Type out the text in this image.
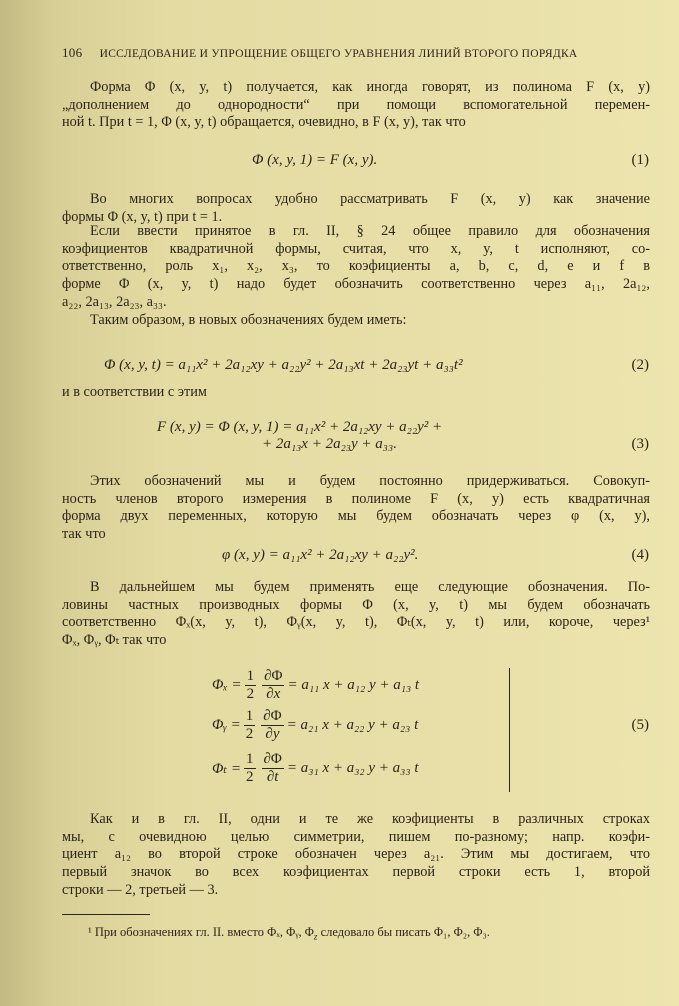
106 ИССЛЕДОВАНИЕ И УПРОЩЕНИЕ ОБЩЕГО УРАВНЕНИЯ ЛИНИЙ ВТОРОГО ПОРЯДКА
Форма Φ (x, y, t) получается, как иногда говорят, из полинома F (x, y)
„дополнением до однородности“ при помощи вспомогательной перемен-
ной t. При t = 1, Φ (x, y, t) обращается, очевидно, в F (x, y), так что
Φ (x, y, 1) = F (x, y).	(1)
Во многих вопросах удобно рассматривать F (x, y) как значение
формы Φ (x, y, t) при t = 1.
Если ввести принятое в гл. II, § 24 общее правило для обозначения
коэфициентов квадратичной формы, считая, что x, y, t исполняют, со-
ответственно, роль x₁, x₂, x₃, то коэфициенты a, b, c, d, e и f в
форме Φ (x, y, t) надо будет обозначить соответственно через a₁₁, 2a₁₂,
a₂₂, 2a₁₃, 2a₂₃, a₃₃.
Таким образом, в новых обозначениях будем иметь:
Φ (x, y, t) = a₁₁x² + 2a₁₂xy + a₂₂y² + 2a₁₃xt + 2a₂₃yt + a₃₃t²	(2)
и в соответствии с этим
F (x, y) = Φ (x, y, 1) = a₁₁x² + 2a₁₂xy + a₂₂y² +
+ 2a₁₃x + 2a₂₃y + a₃₃.	(3)
Этих обозначений мы и будем постоянно придерживаться. Совокуп-
ность членов второго измерения в полиноме F (x, y) есть квадратичная
форма двух переменных, которую мы будем обозначать через φ (x, y),
так что
φ (x, y) = a₁₁x² + 2a₁₂xy + a₂₂y².	(4)
В дальнейшем мы будем применять еще следующие обозначения. По-
ловины частных производных формы Φ (x, y, t) мы будем обозначать
соответственно Φₓ(x, y, t), Φᵧ(x, y, t), Φₜ(x, y, t) или, короче, через¹
Φₓ, Φᵧ, Φₜ так что
$\Phi_x = \frac{1}{2} \frac{\partial\Phi}{\partial x} = a_{11}$ x + a₁₂ y + a₁₃ t
Φᵧ = $\frac{1}{2} \frac{\partial\Phi}{\partial y} = a_{21}$ x + a₂₂ y + a₂₃ t
$\Phi_t = \frac{1}{2} \frac{\partial\Phi}{\partial t} = a_{31}$ x + a₃₂ y + a₃₃ t
(5)
Как и в гл. II, одни и те же коэфициенты в различных строках
мы, с очевидною целью симметрии, пишем по-разному; напр. коэфи-
циент a₁₂ во второй строке обозначен через a₂₁. Этим мы достигаем, что
первый значок во всех коэфициентах первой строки есть 1, второй
строки — 2, третьей — 3.
¹ При обозначениях гл. II. вместо Φₓ, Φᵧ, $\Phi_z$ следовало бы писать Φ₁, Φ₂, Φ₃.
